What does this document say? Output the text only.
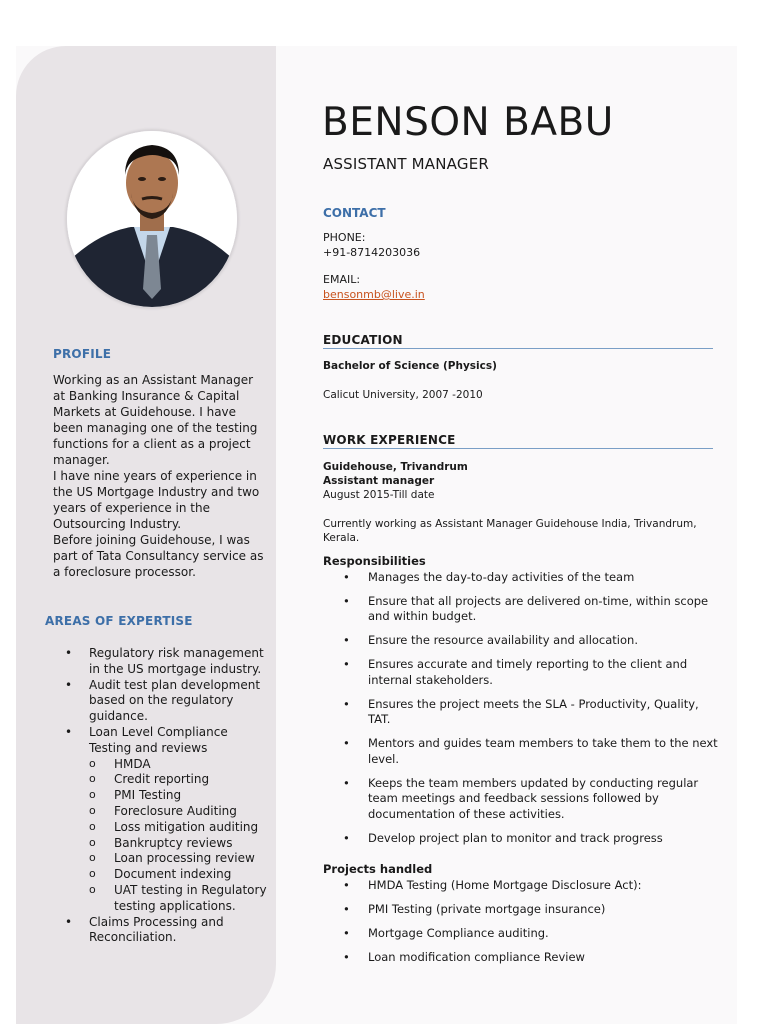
PROFILE

Working as an Assistant Manager at Banking Insurance & Capital Markets at Guidehouse. I have been managing one of the testing functions for a client as a project manager.

I have nine years of experience in the US Mortgage Industry and two years of experience in the Outsourcing Industry.

Before joining Guidehouse, I was part of Tata Consultancy service as a foreclosure processor.

AREAS OF EXPERTISE
• Regulatory risk management in the US mortgage industry.
• Audit test plan development based on the regulatory guidance.
• Loan Level Compliance Testing and reviews
o HMDA
o Credit reporting
o PMI Testing
o Foreclosure Auditing
o Loss mitigation auditing
o Bankruptcy reviews
o Loan processing review
o Document indexing
o UAT testing in Regulatory testing applications.
• Claims Processing and Reconciliation.
BENSON BABU
ASSISTANT MANAGER
CONTACT
PHONE:
+91-8714203036
EMAIL:
bensonmb@live.in
EDUCATION
Bachelor of Science (Physics)
Calicut University, 2007 -2010
WORK EXPERIENCE
Guidehouse, Trivandrum
Assistant manager
August 2015-Till date
Currently working as Assistant Manager Guidehouse India, Trivandrum, Kerala.
Responsibilities
• Manages the day-to-day activities of the team
• Ensure that all projects are delivered on-time, within scope and within budget.
• Ensure the resource availability and allocation.
• Ensures accurate and timely reporting to the client and internal stakeholders.
• Ensures the project meets the SLA - Productivity, Quality, TAT.
• Mentors and guides team members to take them to the next level.
• Keeps the team members updated by conducting regular team meetings and feedback sessions followed by documentation of these activities.
• Develop project plan to monitor and track progress
Projects handled
• HMDA Testing (Home Mortgage Disclosure Act):
• PMI Testing (private mortgage insurance)
• Mortgage Compliance auditing.
• Loan modification compliance Review
